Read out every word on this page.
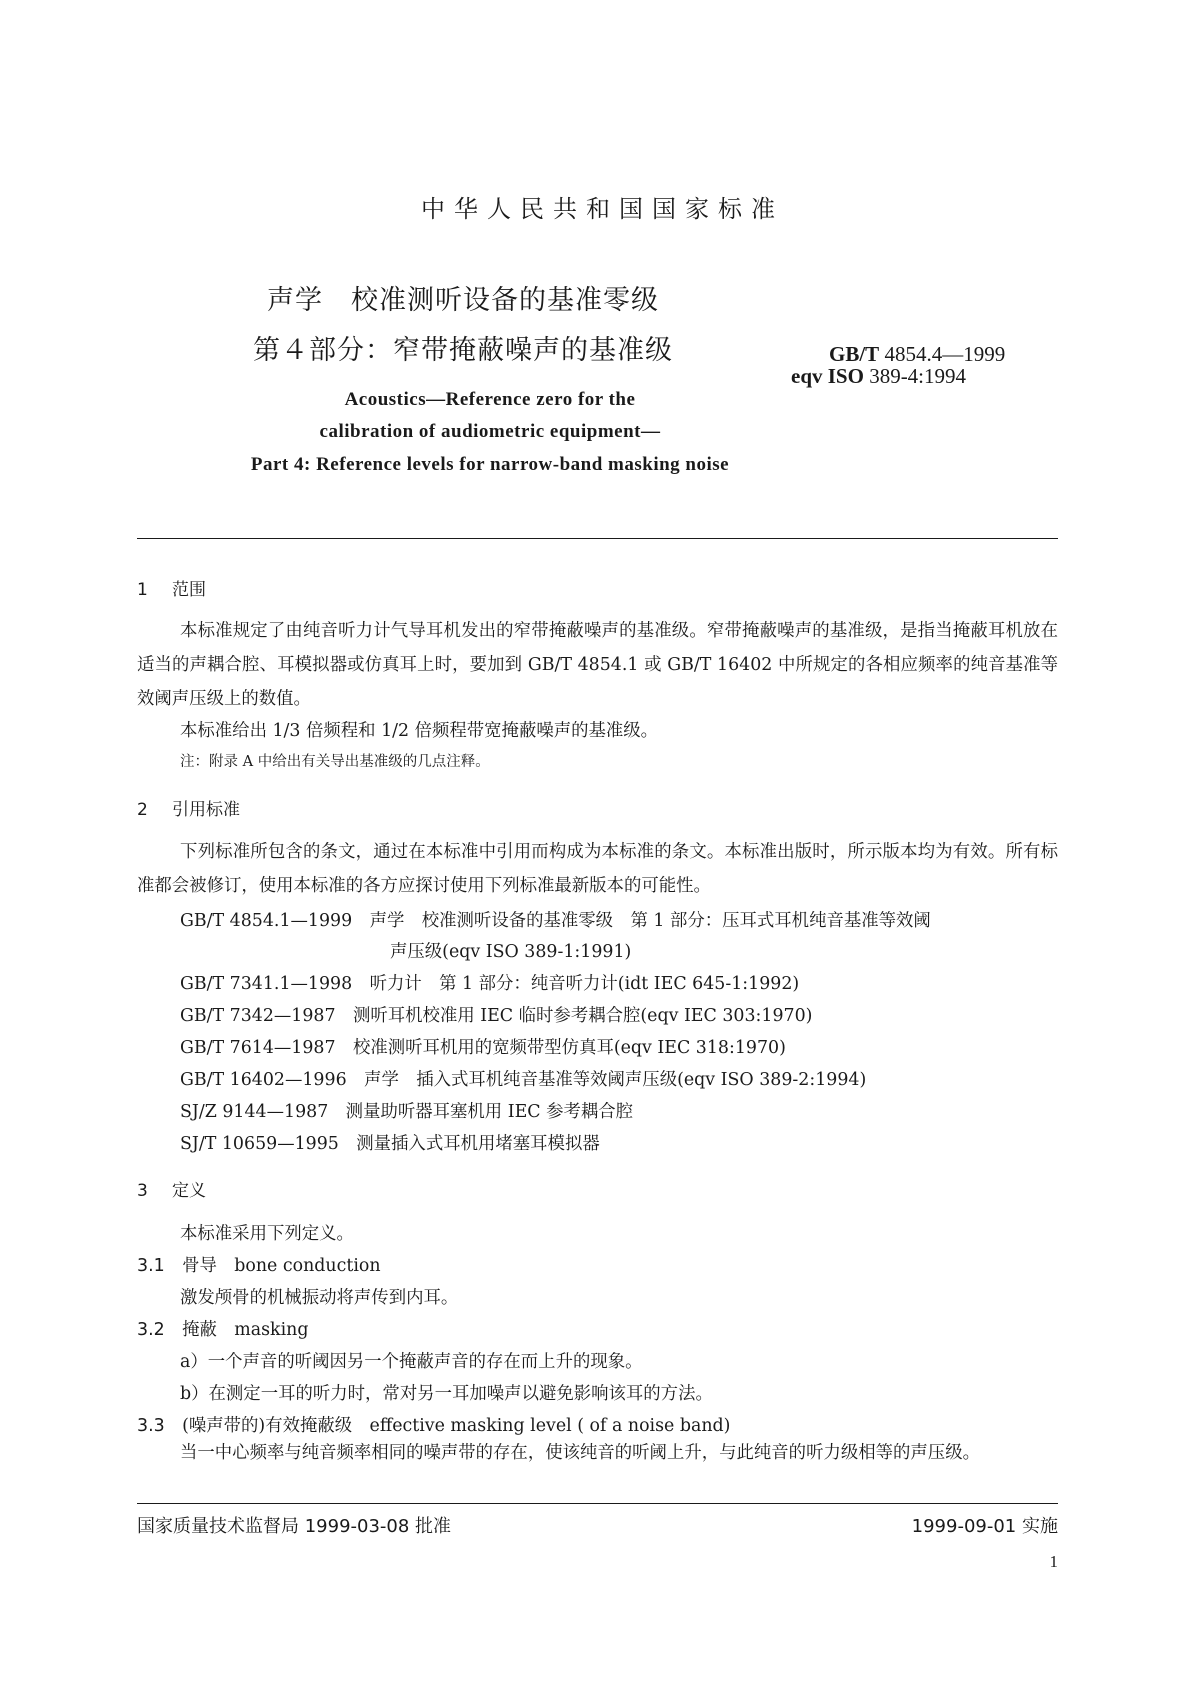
中华人民共和国国家标准
声学　校准测听设备的基准零级
第４部分：窄带掩蔽噪声的基准级	GB/T 4854.4—1999
eqv ISO 389-4:1994
Acoustics—Reference zero for the
calibration of audiometric equipment—
Part 4: Reference levels for narrow-band masking noise
1 范围
本标准规定了由纯音听力计气导耳机发出的窄带掩蔽噪声的基准级。窄带掩蔽噪声的基准级，是指当掩蔽耳机放在适当的声耦合腔、耳模拟器或仿真耳上时，要加到 GB/T 4854.1 或 GB/T 16402 中所规定的各相应频率的纯音基准等效阈声压级上的数值。
本标准给出 1/3 倍频程和 1/2 倍频程带宽掩蔽噪声的基准级。
注：附录 A 中给出有关导出基准级的几点注释。
2 引用标准
下列标准所包含的条文，通过在本标准中引用而构成为本标准的条文。本标准出版时，所示版本均为有效。所有标准都会被修订，使用本标准的各方应探讨使用下列标准最新版本的可能性。
GB/T 4854.1—1999　 声学　校准测听设备的基准零级　第 1 部分：压耳式耳机纯音基准等效阈
声压级(eqv ISO 389-1:1991)
GB/T 7341.1—1998　 听力计　第 1 部分：纯音听力计(idt IEC 645-1:1992)
GB/T 7342—1987　 测听耳机校准用 IEC 临时参考耦合腔(eqv IEC 303:1970)
GB/T 7614—1987　 校准测听耳机用的宽频带型仿真耳(eqv IEC 318:1970)
GB/T 16402—1996　 声学　插入式耳机纯音基准等效阈声压级(eqv ISO 389-2:1994)
SJ/Z 9144—1987　 测量助听器耳塞机用 IEC 参考耦合腔
SJ/T 10659—1995　 测量插入式耳机用堵塞耳模拟器
3 定义
本标准采用下列定义。
3.1　 骨导　bone conduction
激发颅骨的机械振动将声传到内耳。
3.2　 掩蔽　masking
a）一个声音的听阈因另一个掩蔽声音的存在而上升的现象。
b）在测定一耳的听力时，常对另一耳加噪声以避免影响该耳的方法。
3.3　 (噪声带的)有效掩蔽级　effective masking level ( of a noise band)
当一中心频率与纯音频率相同的噪声带的存在，使该纯音的听阈上升，与此纯音的听力级相等的声压级。
国家质量技术监督局 1999-03-08 批准	1999-09-01 实施
1
